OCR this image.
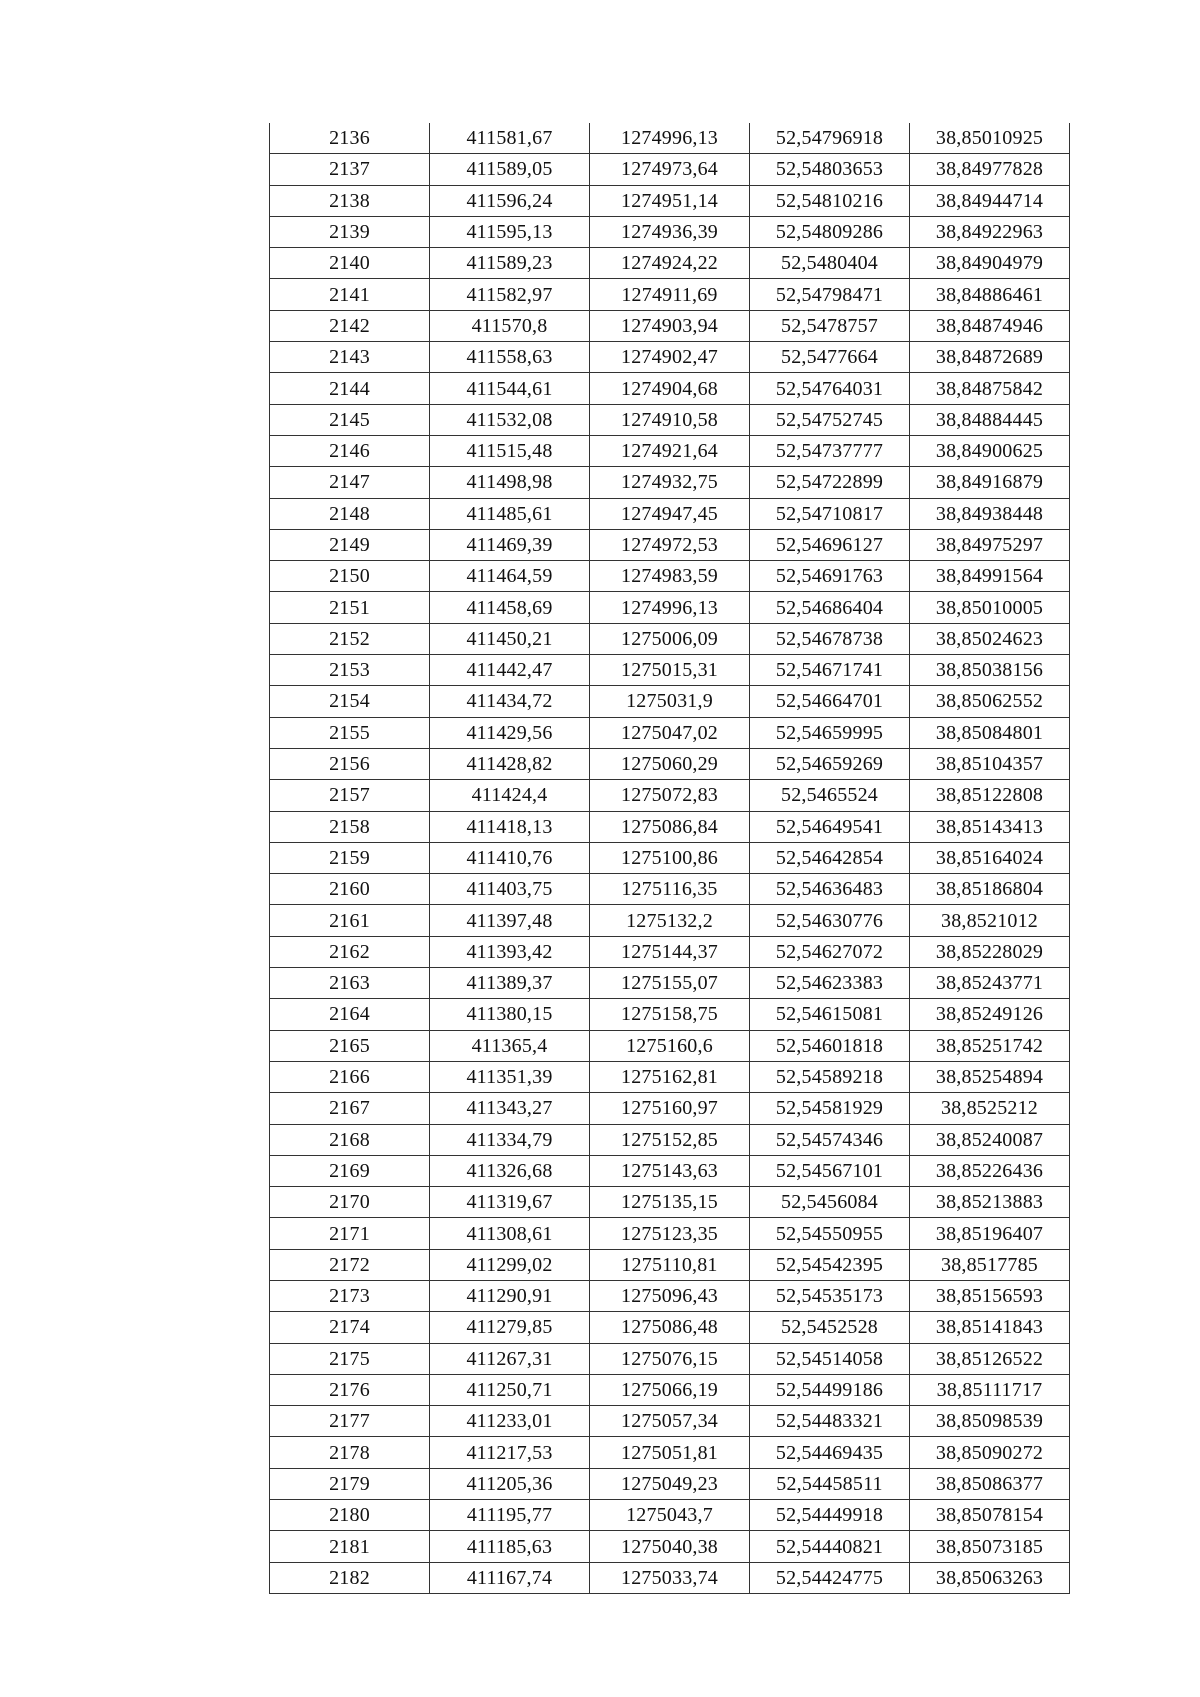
2136	411581,67	1274996,13	52,54796918	38,85010925
2137	411589,05	1274973,64	52,54803653	38,84977828
2138	411596,24	1274951,14	52,54810216	38,84944714
2139	411595,13	1274936,39	52,54809286	38,84922963
2140	411589,23	1274924,22	52,5480404	38,84904979
2141	411582,97	1274911,69	52,54798471	38,84886461
2142	411570,8	1274903,94	52,5478757	38,84874946
2143	411558,63	1274902,47	52,5477664	38,84872689
2144	411544,61	1274904,68	52,54764031	38,84875842
2145	411532,08	1274910,58	52,54752745	38,84884445
2146	411515,48	1274921,64	52,54737777	38,84900625
2147	411498,98	1274932,75	52,54722899	38,84916879
2148	411485,61	1274947,45	52,54710817	38,84938448
2149	411469,39	1274972,53	52,54696127	38,84975297
2150	411464,59	1274983,59	52,54691763	38,84991564
2151	411458,69	1274996,13	52,54686404	38,85010005
2152	411450,21	1275006,09	52,54678738	38,85024623
2153	411442,47	1275015,31	52,54671741	38,85038156
2154	411434,72	1275031,9	52,54664701	38,85062552
2155	411429,56	1275047,02	52,54659995	38,85084801
2156	411428,82	1275060,29	52,54659269	38,85104357
2157	411424,4	1275072,83	52,5465524	38,85122808
2158	411418,13	1275086,84	52,54649541	38,85143413
2159	411410,76	1275100,86	52,54642854	38,85164024
2160	411403,75	1275116,35	52,54636483	38,85186804
2161	411397,48	1275132,2	52,54630776	38,8521012
2162	411393,42	1275144,37	52,54627072	38,85228029
2163	411389,37	1275155,07	52,54623383	38,85243771
2164	411380,15	1275158,75	52,54615081	38,85249126
2165	411365,4	1275160,6	52,54601818	38,85251742
2166	411351,39	1275162,81	52,54589218	38,85254894
2167	411343,27	1275160,97	52,54581929	38,8525212
2168	411334,79	1275152,85	52,54574346	38,85240087
2169	411326,68	1275143,63	52,54567101	38,85226436
2170	411319,67	1275135,15	52,5456084	38,85213883
2171	411308,61	1275123,35	52,54550955	38,85196407
2172	411299,02	1275110,81	52,54542395	38,8517785
2173	411290,91	1275096,43	52,54535173	38,85156593
2174	411279,85	1275086,48	52,5452528	38,85141843
2175	411267,31	1275076,15	52,54514058	38,85126522
2176	411250,71	1275066,19	52,54499186	38,85111717
2177	411233,01	1275057,34	52,54483321	38,85098539
2178	411217,53	1275051,81	52,54469435	38,85090272
2179	411205,36	1275049,23	52,54458511	38,85086377
2180	411195,77	1275043,7	52,54449918	38,85078154
2181	411185,63	1275040,38	52,54440821	38,85073185
2182	411167,74	1275033,74	52,54424775	38,85063263
